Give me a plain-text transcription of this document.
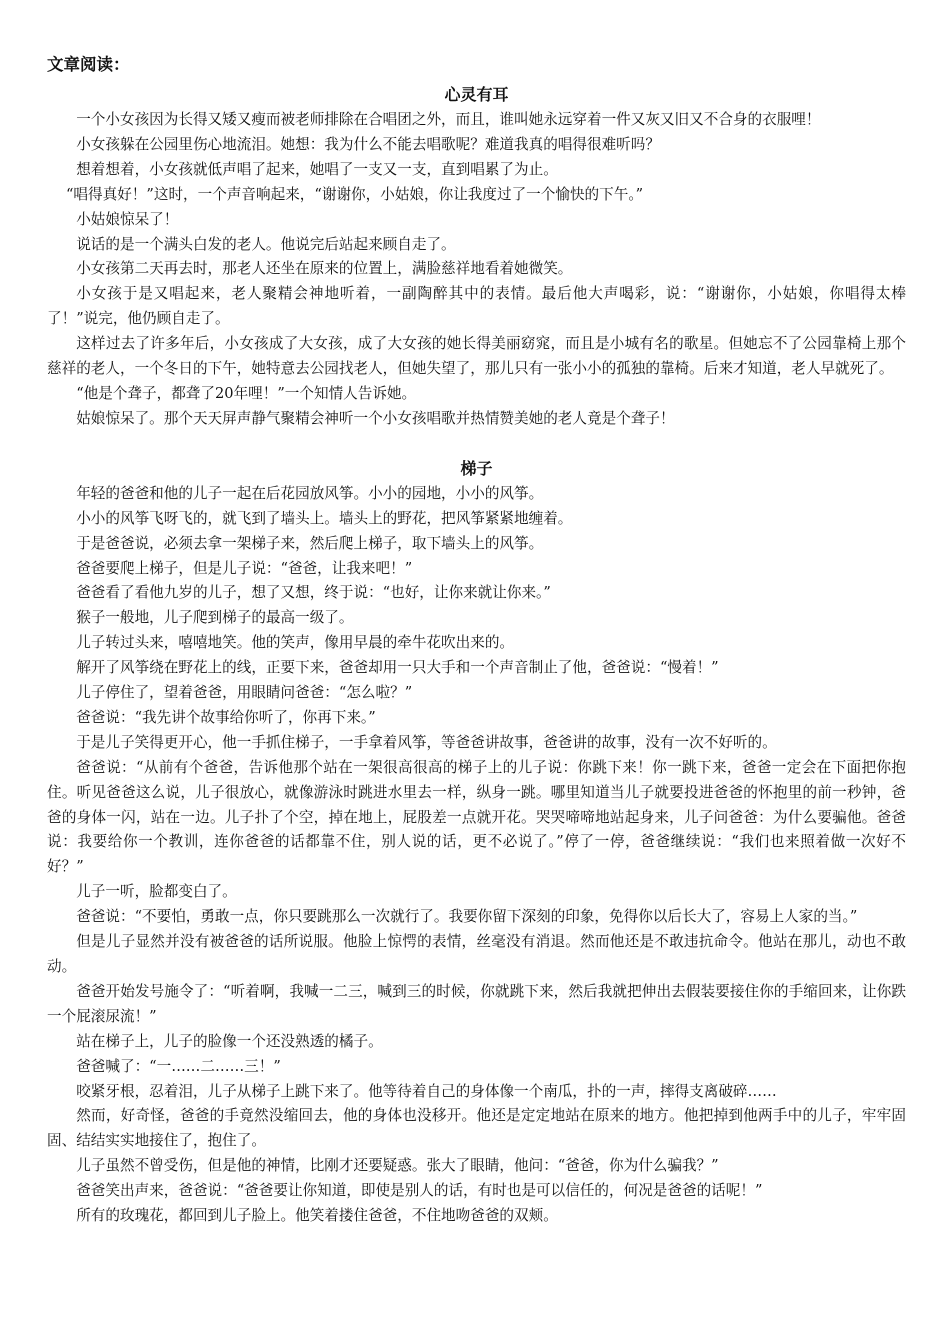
文章阅读：
心灵有耳

一个小女孩因为长得又矮又瘦而被老师排除在合唱团之外，而且，谁叫她永远穿着一件又灰又旧又不合身的衣服哩！

小女孩躲在公园里伤心地流泪。她想：我为什么不能去唱歌呢？难道我真的唱得很难听吗？

想着想着，小女孩就低声唱了起来，她唱了一支又一支，直到唱累了为止。

“唱得真好！”这时，一个声音响起来，“谢谢你，小姑娘，你让我度过了一个愉快的下午。”

小姑娘惊呆了！

说话的是一个满头白发的老人。他说完后站起来顾自走了。

小女孩第二天再去时，那老人还坐在原来的位置上，满脸慈祥地看着她微笑。

小女孩于是又唱起来，老人聚精会神地听着，一副陶醉其中的表情。最后他大声喝彩，说：“谢谢你，小姑娘，你唱得太棒了！”说完，他仍顾自走了。

这样过去了许多年后，小女孩成了大女孩，成了大女孩的她长得美丽窈窕，而且是小城有名的歌星。但她忘不了公园靠椅上那个慈祥的老人，一个冬日的下午，她特意去公园找老人，但她失望了，那儿只有一张小小的孤独的靠椅。后来才知道，老人早就死了。

“他是个聋子，都聋了20年哩！”一个知情人告诉她。

姑娘惊呆了。那个天天屏声静气聚精会神听一个小女孩唱歌并热情赞美她的老人竟是个聋子！

梯子

年轻的爸爸和他的儿子一起在后花园放风筝。小小的园地，小小的风筝。

小小的风筝飞呀飞的，就飞到了墙头上。墙头上的野花，把风筝紧紧地缠着。

于是爸爸说，必须去拿一架梯子来，然后爬上梯子，取下墙头上的风筝。

爸爸要爬上梯子，但是儿子说：“爸爸，让我来吧！”

爸爸看了看他九岁的儿子，想了又想，终于说：“也好，让你来就让你来。”

猴子一般地，儿子爬到梯子的最高一级了。

儿子转过头来，嘻嘻地笑。他的笑声，像用早晨的牵牛花吹出来的。

解开了风筝绕在野花上的线，正要下来，爸爸却用一只大手和一个声音制止了他，爸爸说：“慢着！”

儿子停住了，望着爸爸，用眼睛问爸爸：“怎么啦？”

爸爸说：“我先讲个故事给你听了，你再下来。”

于是儿子笑得更开心，他一手抓住梯子，一手拿着风筝，等爸爸讲故事，爸爸讲的故事，没有一次不好听的。

爸爸说：“从前有个爸爸，告诉他那个站在一架很高很高的梯子上的儿子说：你跳下来！你一跳下来，爸爸一定会在下面把你抱住。听见爸爸这么说，儿子很放心，就像游泳时跳进水里去一样，纵身一跳。哪里知道当儿子就要投进爸爸的怀抱里的前一秒钟，爸爸的身体一闪，站在一边。儿子扑了个空，掉在地上，屁股差一点就开花。哭哭啼啼地站起身来，儿子问爸爸：为什么要骗他。爸爸说：我要给你一个教训，连你爸爸的话都靠不住，别人说的话，更不必说了。”停了一停，爸爸继续说：“我们也来照着做一次好不好？”

儿子一听，脸都变白了。

爸爸说：“不要怕，勇敢一点，你只要跳那么一次就行了。我要你留下深刻的印象，免得你以后长大了，容易上人家的当。”

但是儿子显然并没有被爸爸的话所说服。他脸上惊愕的表情，丝毫没有消退。然而他还是不敢违抗命令。他站在那儿，动也不敢动。

爸爸开始发号施令了：“听着啊，我喊一二三，喊到三的时候，你就跳下来，然后我就把伸出去假装要接住你的手缩回来，让你跌一个屁滚尿流！”

站在梯子上，儿子的脸像一个还没熟透的橘子。

爸爸喊了：“一……二……三！”

咬紧牙根，忍着泪，儿子从梯子上跳下来了。他等待着自己的身体像一个南瓜，扑的一声，摔得支离破碎……

然而，好奇怪，爸爸的手竟然没缩回去，他的身体也没移开。他还是定定地站在原来的地方。他把掉到他两手中的儿子，牢牢固固、结结实实地接住了，抱住了。

儿子虽然不曾受伤，但是他的神情，比刚才还要疑惑。张大了眼睛，他问：“爸爸，你为什么骗我？”

爸爸笑出声来，爸爸说：“爸爸要让你知道，即使是别人的话，有时也是可以信任的，何况是爸爸的话呢！”

所有的玫瑰花，都回到儿子脸上。他笑着搂住爸爸，不住地吻爸爸的双颊。
